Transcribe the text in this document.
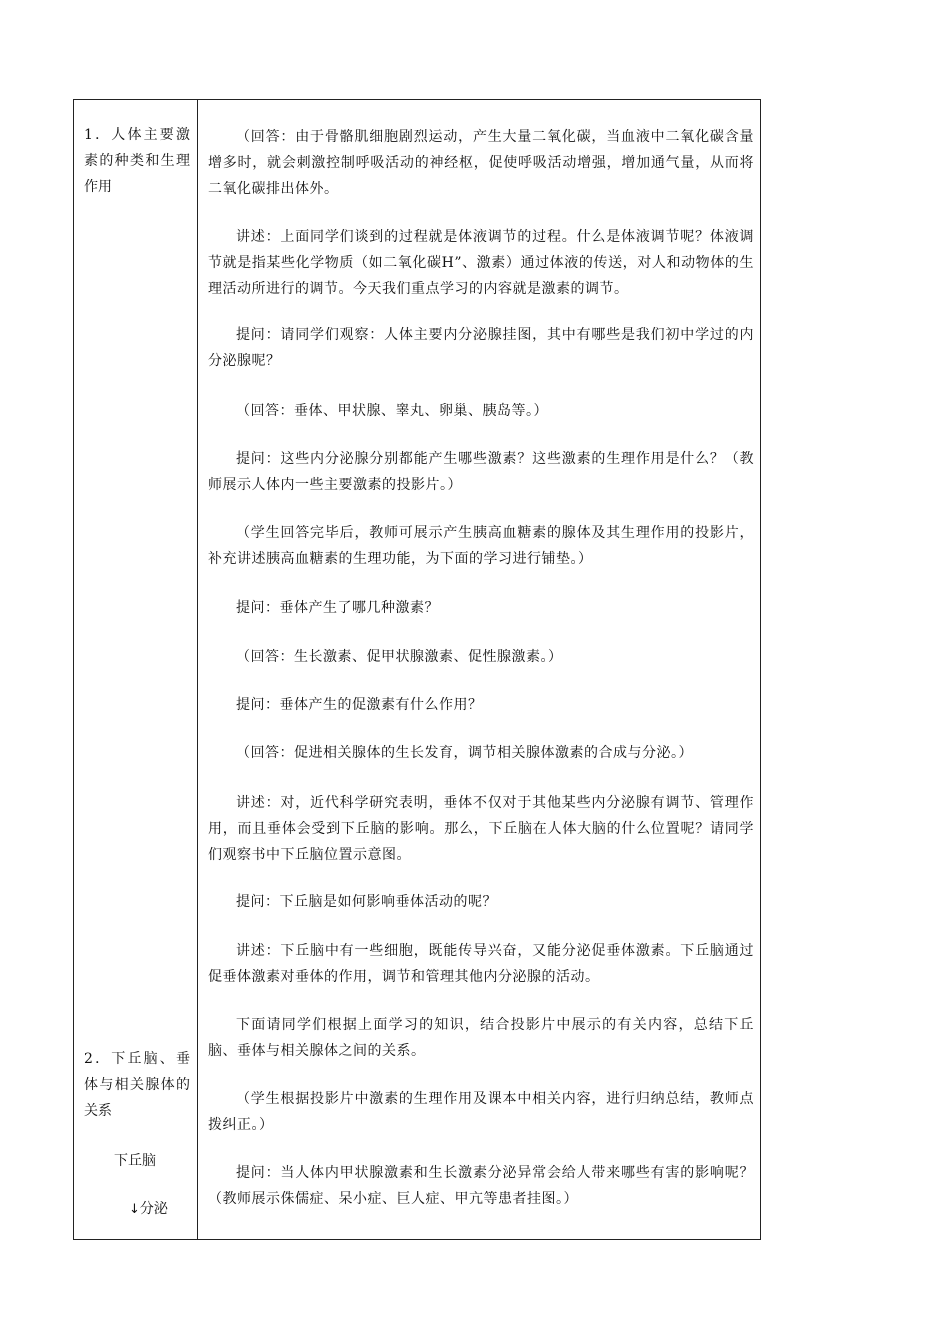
1．人体主要激素的种类和生理作用
2．下丘脑、垂体与相关腺体的关系
下丘脑
↓分泌
（回答：由于骨骼肌细胞剧烈运动，产生大量二氧化碳，当血液中二氧化碳含量增多时，就会刺激控制呼吸活动的神经枢，促使呼吸活动增强，增加通气量，从而将二氧化碳排出体外。
讲述：上面同学们谈到的过程就是体液调节的过程。什么是体液调节呢？体液调节就是指某些化学物质（如二氧化碳H”、激素）通过体液的传送，对人和动物体的生理活动所进行的调节。今天我们重点学习的内容就是激素的调节。
提问：请同学们观察：人体主要内分泌腺挂图，其中有哪些是我们初中学过的内分泌腺呢？
（回答：垂体、甲状腺、睾丸、卵巢、胰岛等。）
提问：这些内分泌腺分别都能产生哪些激素？这些激素的生理作用是什么？（教师展示人体内一些主要激素的投影片。）
（学生回答完毕后，教师可展示产生胰高血糖素的腺体及其生理作用的投影片，补充讲述胰高血糖素的生理功能，为下面的学习进行铺垫。）
提问：垂体产生了哪几种激素？
（回答：生长激素、促甲状腺激素、促性腺激素。）
提问：垂体产生的促激素有什么作用？
（回答：促进相关腺体的生长发育，调节相关腺体激素的合成与分泌。）
讲述：对，近代科学研究表明，垂体不仅对于其他某些内分泌腺有调节、管理作用，而且垂体会受到下丘脑的影响。那么，下丘脑在人体大脑的什么位置呢？请同学们观察书中下丘脑位置示意图。
提问：下丘脑是如何影响垂体活动的呢？
讲述：下丘脑中有一些细胞，既能传导兴奋，又能分泌促垂体激素。下丘脑通过促垂体激素对垂体的作用，调节和管理其他内分泌腺的活动。
下面请同学们根据上面学习的知识，结合投影片中展示的有关内容，总结下丘脑、垂体与相关腺体之间的关系。
（学生根据投影片中激素的生理作用及课本中相关内容，进行归纳总结，教师点拨纠正。）
提问：当人体内甲状腺激素和生长激素分泌异常会给人带来哪些有害的影响呢？（教师展示侏儒症、呆小症、巨人症、甲亢等患者挂图。）
